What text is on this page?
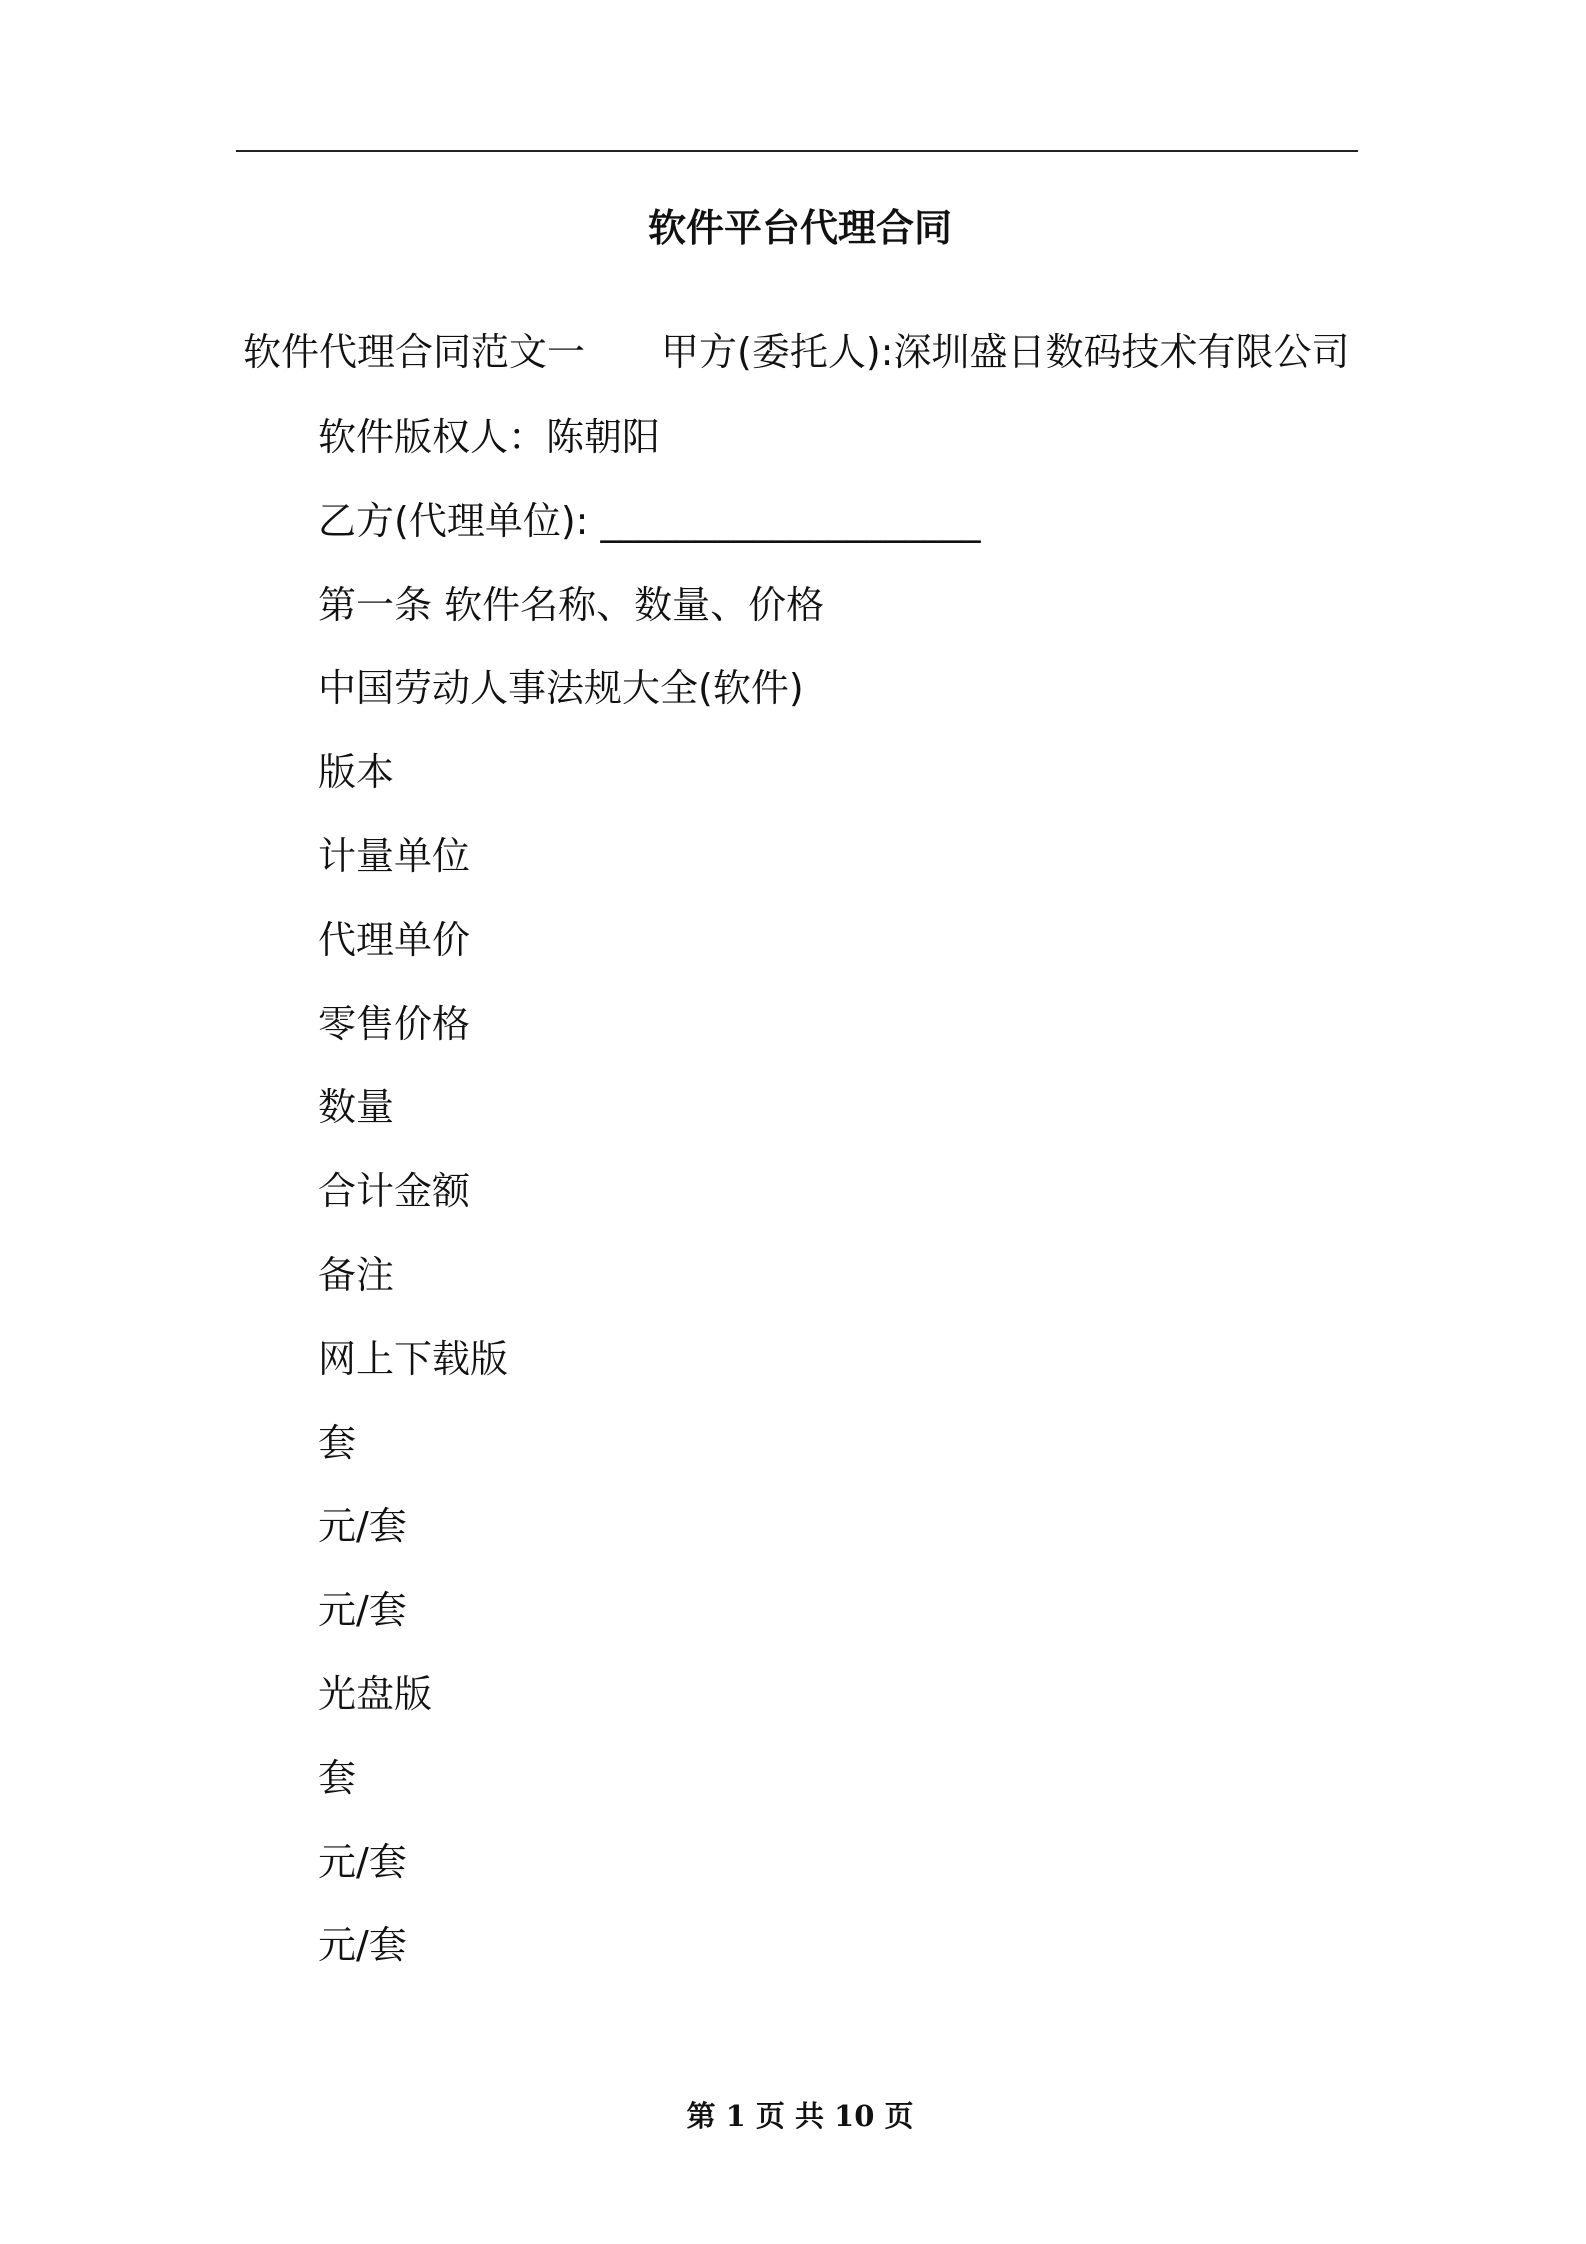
软件平台代理合同
软件代理合同范文一 甲方(委托人):深圳盛日数码技术有限公司
软件版权人：陈朝阳
乙方(代理单位): ____________________
第一条 软件名称、数量、价格
中国劳动人事法规大全(软件)
版本
计量单位
代理单价
零售价格
数量
合计金额
备注
网上下载版
套
元/套
元/套
光盘版
套
元/套
元/套
第 1 页 共 10 页
